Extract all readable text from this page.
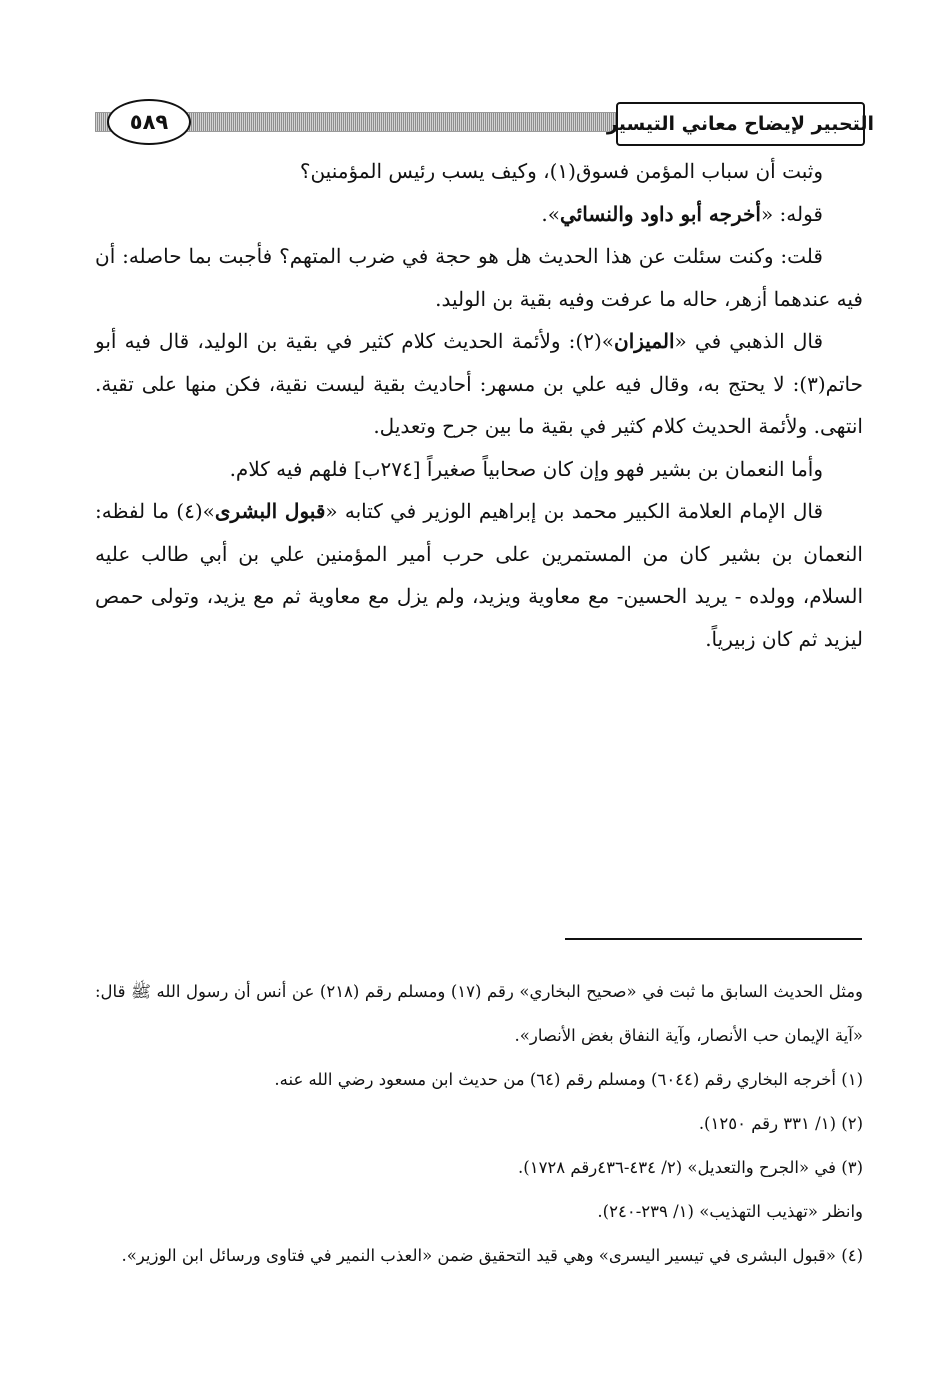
التحبير لإيضاح معاني التيسير
٥٨٩

وثبت أن سباب المؤمن فسوق(١)، وكيف يسب رئيس المؤمنين؟

قوله: «أخرجه أبو داود والنسائي».

قلت: وكنت سئلت عن هذا الحديث هل هو حجة في ضرب المتهم؟ فأجبت بما حاصله: أن فيه عندهما أزهر، حاله ما عرفت وفيه بقية بن الوليد.

قال الذهبي في «الميزان»(٢): ولأئمة الحديث كلام كثير في بقية بن الوليد، قال فيه أبو حاتم(٣): لا يحتج به، وقال فيه علي بن مسهر: أحاديث بقية ليست نقية، فكن منها على تقية. انتهى. ولأئمة الحديث كلام كثير في بقية ما بين جرح وتعديل.

وأما النعمان بن بشير فهو وإن كان صحابياً صغيراً [٢٧٤ب] فلهم فيه كلام.

قال الإمام العلامة الكبير محمد بن إبراهيم الوزير في كتابه «قبول البشرى»(٤) ما لفظه: النعمان بن بشير كان من المستمرين على حرب أمير المؤمنين علي بن أبي طالب عليه السلام، وولده - يريد الحسين- مع معاوية ويزيد، ولم يزل مع معاوية ثم مع يزيد، وتولى حمص ليزيد ثم كان زبيرياً.

ومثل الحديث السابق ما ثبت في «صحيح البخاري» رقم (١٧) ومسلم رقم (٢١٨) عن أنس أن رسول الله ﷺ قال: «آية الإيمان حب الأنصار، وآية النفاق بغض الأنصار».

(١) أخرجه البخاري رقم (٦٠٤٤) ومسلم رقم (٦٤) من حديث ابن مسعود رضي الله عنه.

(٢) (١/ ٣٣١ رقم ١٢٥٠).

(٣) في «الجرح والتعديل» (٢/ ٤٣٤-٤٣٦رقم ١٧٢٨).

وانظر «تهذيب التهذيب» (١/ ٢٣٩-٢٤٠).

(٤) «قبول البشرى في تيسير اليسرى» وهي قيد التحقيق ضمن «العذب النمير في فتاوى ورسائل ابن الوزير».
